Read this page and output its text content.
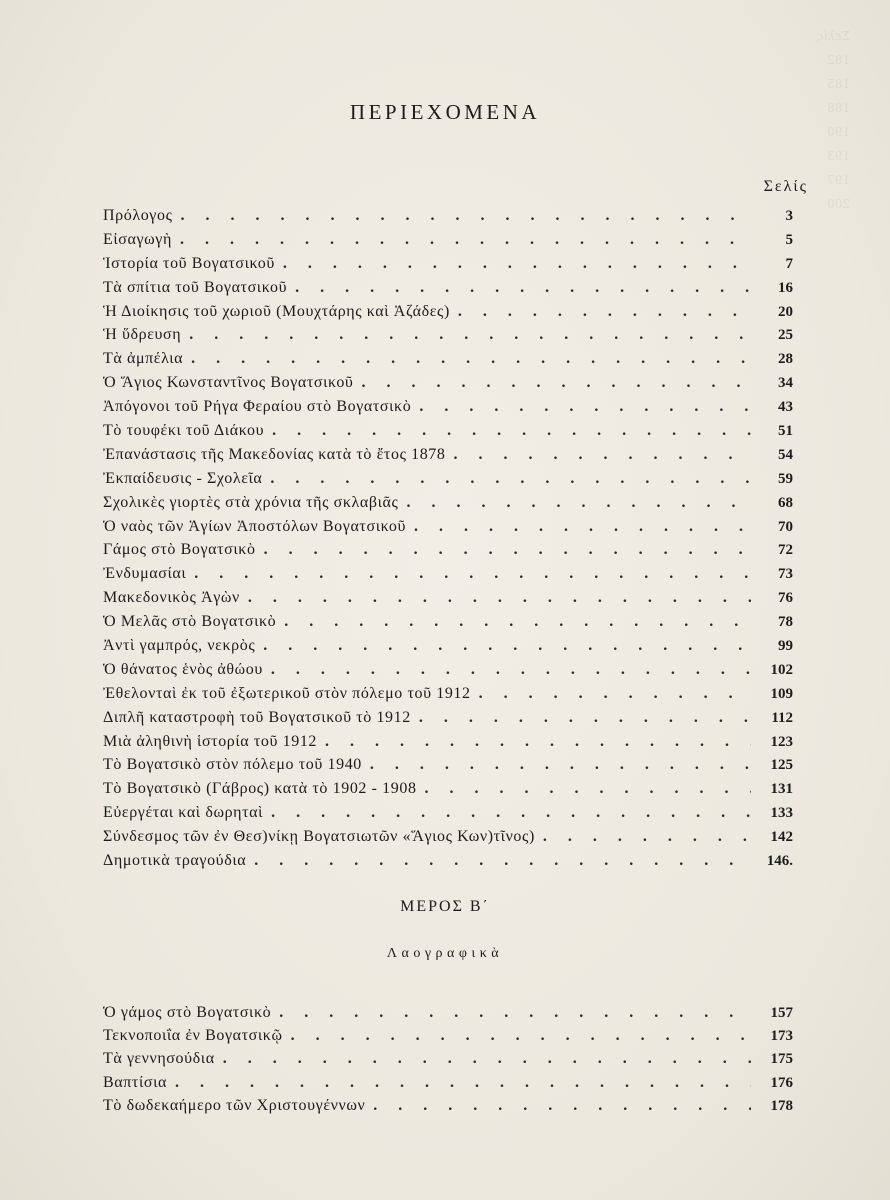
Σελίς
182
185
188
190
193
197
200

ΠΕΡΙΕΧΟΜΕΝΑ
Σελίς
Πρόλογος . . .	3
Εἰσαγωγὴ . . .	5
Ἱστορία τοῦ Βογατσικοῦ . . .	7
Τὰ σπίτια τοῦ Βογατσικοῦ . . .	16
Ἡ Διοίκησις τοῦ χωριοῦ (Μουχτάρης καὶ Ἀζάδες) . . .	20
Ἡ ὕδρευση . . .	25
Τὰ ἀμπέλια . . .	28
Ὁ Ἅγιος Κωνσταντῖνος Βογατσικοῦ . . .	34
Ἀπόγονοι τοῦ Ρήγα Φεραίου στὸ Βογατσικὸ . . .	43
Τὸ τουφέκι τοῦ Διάκου . . .	51
Ἐπανάστασις τῆς Μακεδονίας κατὰ τὸ ἔτος 1878 . . .	54
Ἐκπαίδευσις - Σχολεῖα . . .	59
Σχολικὲς γιορτὲς στὰ χρόνια τῆς σκλαβιᾶς . . .	68
Ὁ ναὸς τῶν Ἁγίων Ἀποστόλων Βογατσικοῦ . . .	70
Γάμος στὸ Βογατσικὸ . . .	72
Ἐνδυμασίαι . . .	73
Μακεδονικὸς Ἀγὼν . . .	76
Ὁ Μελᾶς στὸ Βογατσικὸ . . .	78
Ἀντὶ γαμπρός, νεκρὸς . . .	99
Ὁ θάνατος ἑνὸς ἀθώου . . .	102
Ἐθελονταὶ ἐκ τοῦ ἐξωτερικοῦ στὸν πόλεμο τοῦ 1912 . . .	109
Διπλῆ καταστροφὴ τοῦ Βογατσικοῦ τὸ 1912 . . .	112
Μιὰ ἀληθινὴ ἱστορία τοῦ 1912 . . .	123
Τὸ Βογατσικὸ στὸν πόλεμο τοῦ 1940 . . .	125
Τὸ Βογατσικὸ (Γάβρος) κατὰ τὸ 1902 - 1908 . . .	131
Εὐεργέται καὶ δωρηταὶ . . .	133
Σύνδεσμος τῶν ἐν Θεσ)νίκῃ Βογατσιωτῶν «Ἅγιος Κων)τῖνος) . . .	142
Δημοτικὰ τραγούδια . . .	146.
ΜΕΡΟΣ Β΄
Λαογραφικὰ
Ὁ γάμος στὸ Βογατσικὸ . . .	157
Τεκνοποιΐα ἐν Βογατσικῷ . . .	173
Τὰ γεννησούδια . . .	175
Βαπτίσια . . .	176
Τὸ δωδεκαήμερο τῶν Χριστουγέννων . . .	178
